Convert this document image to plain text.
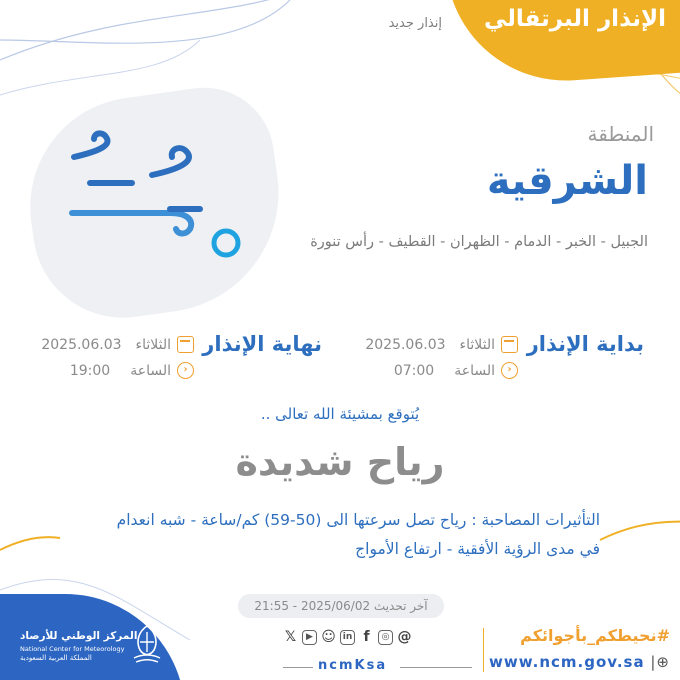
الإنذار البرتقالي
إنذار جديد
المنطقة
الشرقية
الجبيل - الخبر - الدمام - الظهران - القطيف - رأس تنورة
بداية الإنذار
الثلاثاء
2025.06.03
‹
الساعة
07:00
نهاية الإنذار
الثلاثاء
2025.06.03
‹
الساعة
19:00
يُتوقع بمشيئة الله تعالى ..
رياح شديدة
التأثيرات المصاحبة : رياح تصل سرعتها الى (50-59) كم/ساعة - شبه انعدام في مدى الرؤية الأفقية - ارتفاع الأمواج
آخر تحديث 2025/06/02 - 21:55
المركز الوطني للأرصاد
National Center for Meteorology
المملكة العربية السعودية
𝕏	▶ ☺ in f	◎ @
ncmKsa
#نحيطكم_بأجوائكم
www.ncm.gov.sa |⊕
